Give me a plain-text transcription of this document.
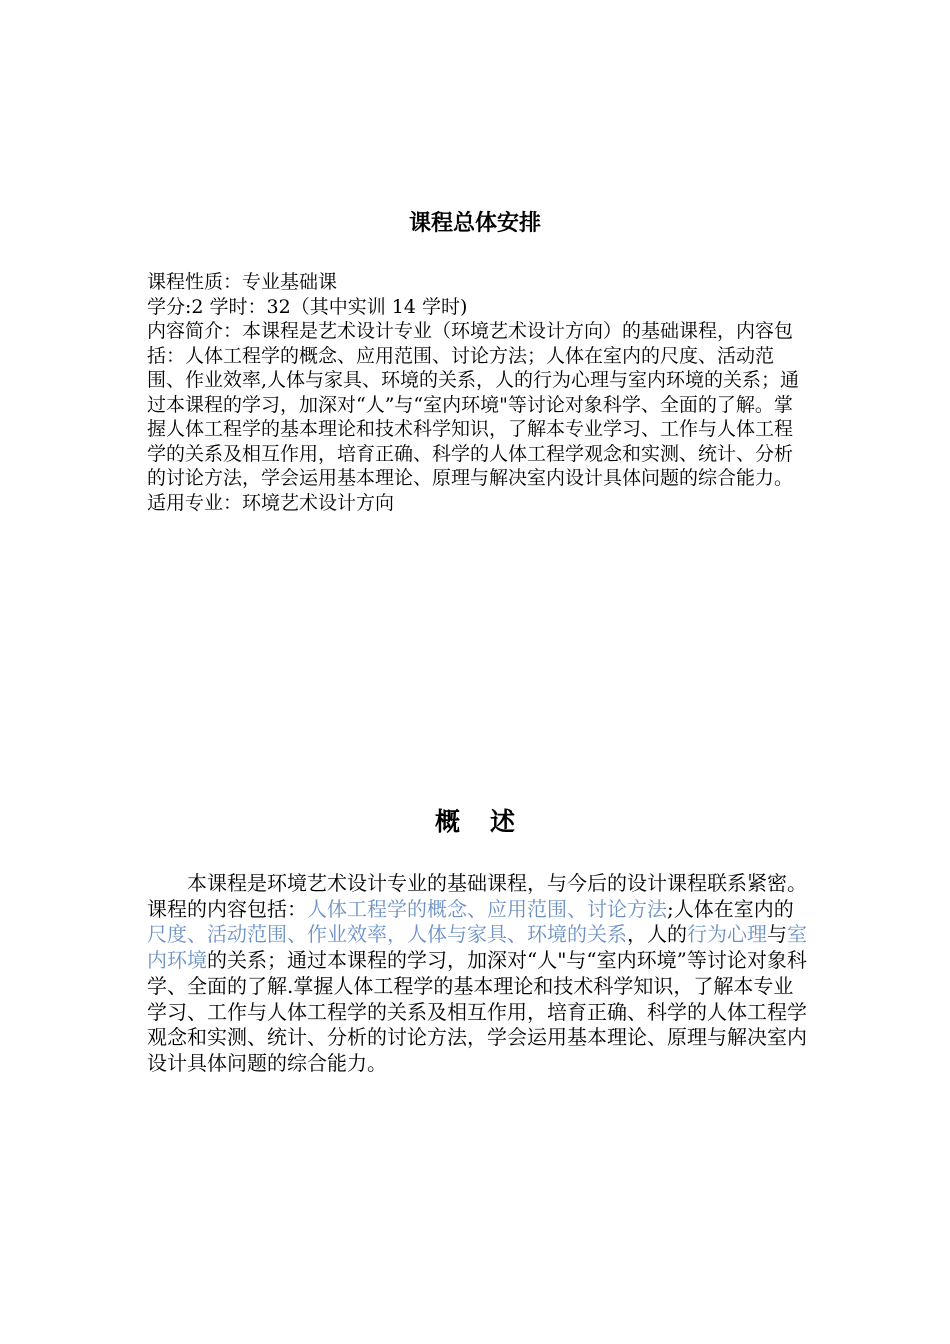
课程总体安排

课程性质：专业基础课

学分:2 学时：32（其中实训 14 学时)

内容简介：本课程是艺术设计专业（环境艺术设计方向）的基础课程，内容包括：人体工程学的概念、应用范围、讨论方法；人体在室内的尺度、活动范围、作业效率,人体与家具、环境的关系，人的行为心理与室内环境的关系；通过本课程的学习，加深对“人”与“室内环境"等讨论对象科学、全面的了解。掌握人体工程学的基本理论和技术科学知识，了解本专业学习、工作与人体工程学的关系及相互作用，培育正确、科学的人体工程学观念和实测、统计、分析的讨论方法，学会运用基本理论、原理与解决室内设计具体问题的综合能力。

适用专业：环境艺术设计方向

概 述

本课程是环境艺术设计专业的基础课程，与今后的设计课程联系紧密。课程的内容包括：人体工程学的概念、应用范围、讨论方法;人体在室内的尺度、活动范围、作业效率，人体与家具、环境的关系，人的行为心理与室内环境的关系；通过本课程的学习，加深对“人"与“室内环境”等讨论对象科学、全面的了解.掌握人体工程学的基本理论和技术科学知识，了解本专业学习、工作与人体工程学的关系及相互作用，培育正确、科学的人体工程学观念和实测、统计、分析的讨论方法，学会运用基本理论、原理与解决室内设计具体问题的综合能力。
